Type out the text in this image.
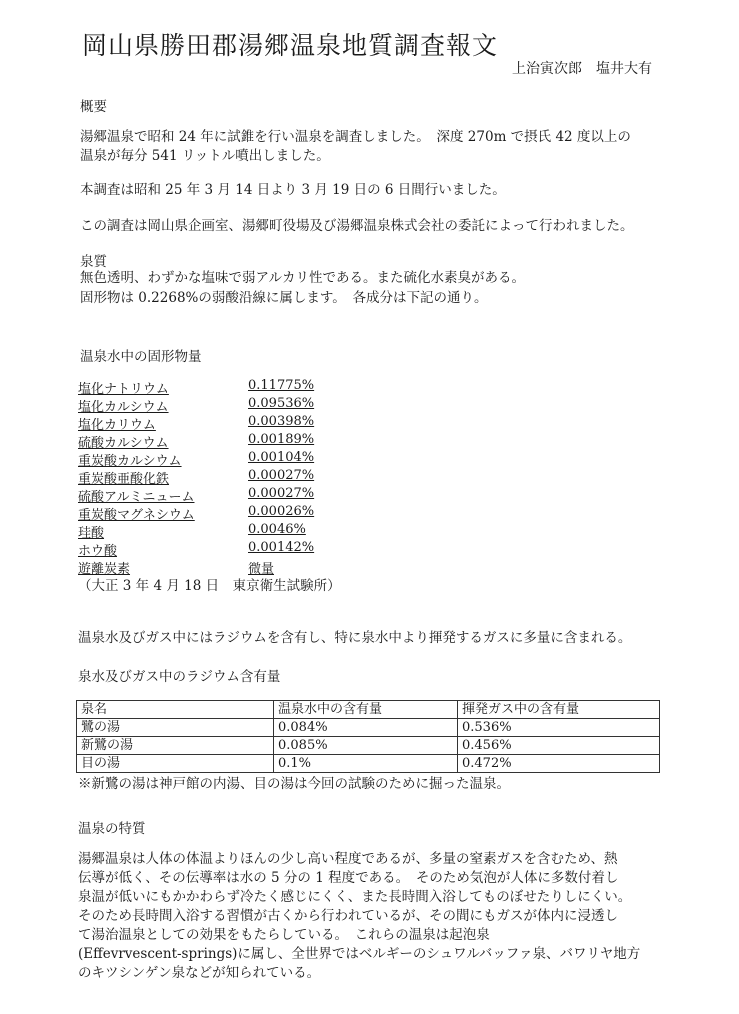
岡山県勝田郡湯郷温泉地質調査報文
上治寅次郎　塩井大有
概要
湯郷温泉で昭和 24 年に試錐を行い温泉を調査しました。　深度 270m で摂氏 42 度以上の
温泉が毎分 541 リットル噴出しました。
本調査は昭和 25 年 3 月 14 日より 3 月 19 日の 6 日間行いました。
この調査は岡山県企画室、湯郷町役場及び湯郷温泉株式会社の委託によって行われました。
泉質
無色透明、わずかな塩味で弱アルカリ性である。また硫化水素臭がある。
固形物は 0.2268%の弱酸沿線に属します。　各成分は下記の通り。
温泉水中の固形物量
塩化ナトリウム	0.11775%
塩化カルシウム	0.09536%
塩化カリウム	0.00398%
硫酸カルシウム	0.00189%
重炭酸カルシウム	0.00104%
重炭酸亜酸化鉄	0.00027%
硫酸アルミニューム	0.00027%
重炭酸マグネシウム	0.00026%
珪酸	0.0046%
ホウ酸	0.00142%
遊離炭素	微量
（大正 3 年 4 月 18 日　東京衛生試験所）
温泉水及びガス中にはラジウムを含有し、特に泉水中より揮発するガスに多量に含まれる。
泉水及びガス中のラジウム含有量
泉名	温泉水中の含有量	揮発ガス中の含有量
鷺の湯	0.084%	0.536%
新鷺の湯	0.085%	0.456%
目の湯	0.1%	0.472%
※新鷺の湯は神戸館の内湯、目の湯は今回の試験のために掘った温泉。
温泉の特質
湯郷温泉は人体の体温よりほんの少し高い程度であるが、多量の窒素ガスを含むため、熱
伝導が低く、その伝導率は水の 5 分の 1 程度である。　そのため気泡が人体に多数付着し
泉温が低いにもかかわらず冷たく感じにくく、また長時間入浴してものぼせたりしにくい。
そのため長時間入浴する習慣が古くから行われているが、その間にもガスが体内に浸透し
て湯治温泉としての効果をもたらしている。　これらの温泉は起泡泉
(Effevrvescent-springs)に属し、全世界ではベルギーのシュワルバッファ泉、バワリヤ地方
のキツシンゲン泉などが知られている。
